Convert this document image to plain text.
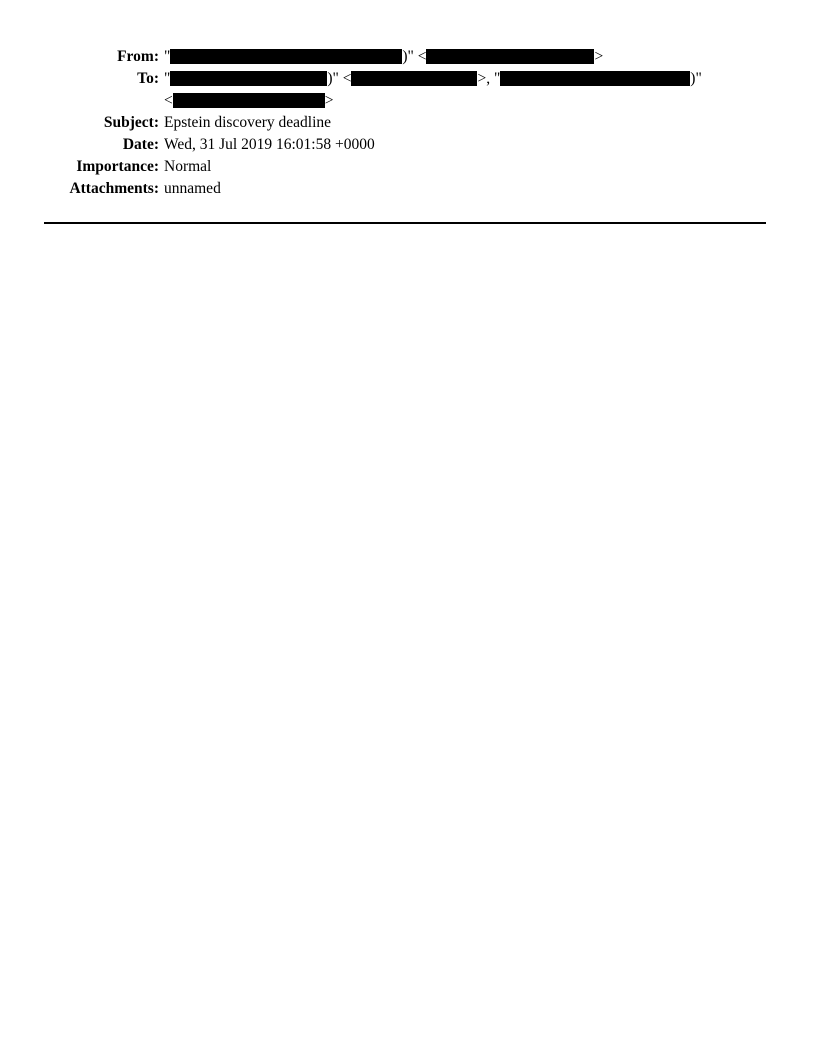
From: "	)" <	>
To: "	)" <	>, "	)"
<	>
Subject: Epstein discovery deadline
Date: Wed, 31 Jul 2019 16:01:58 +0000
Importance: Normal
Attachments: unnamed
